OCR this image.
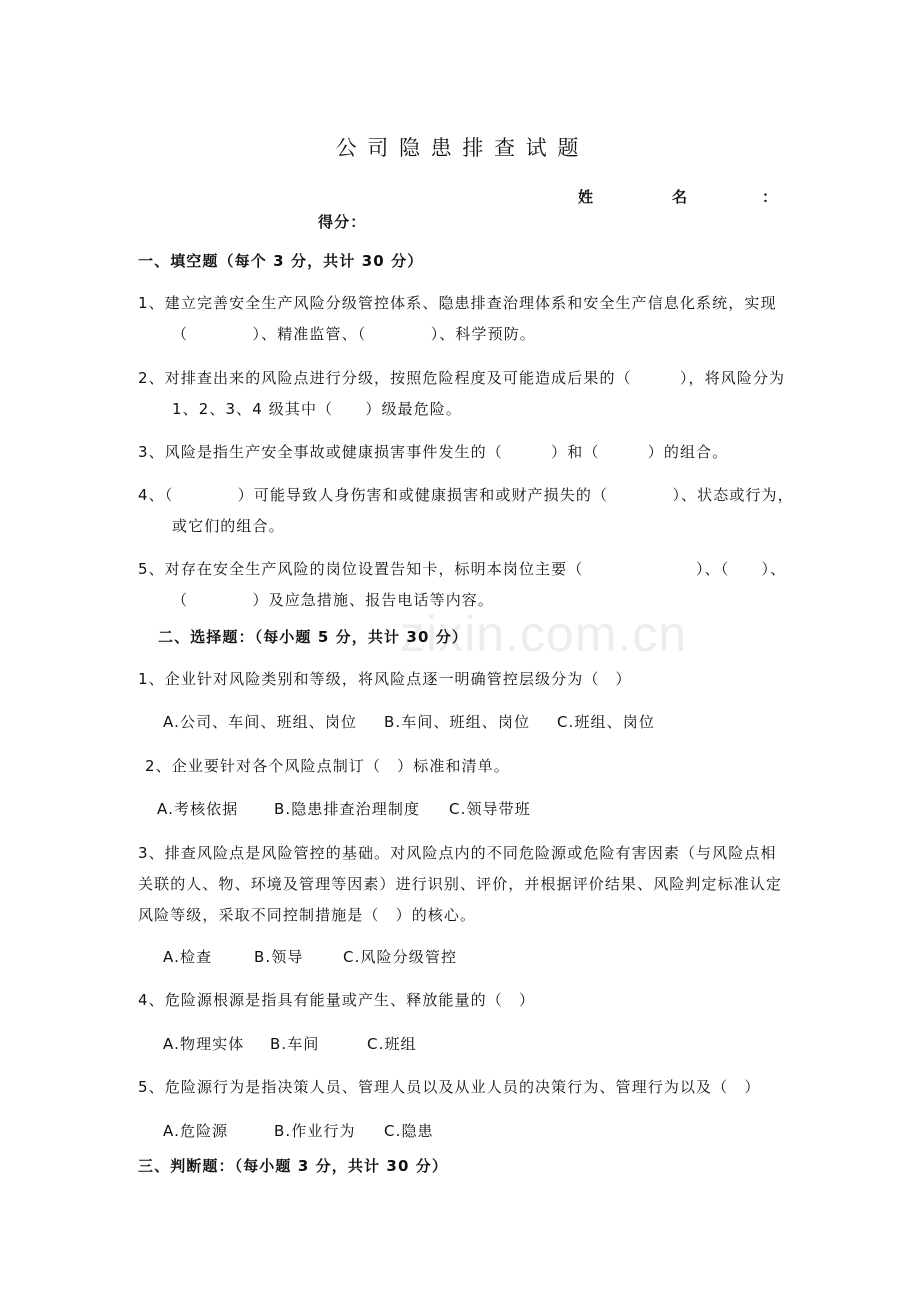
zixin.com.cn
公 司 隐 患 排 查 试 题
姓	名	：
得分：
一、填空题（每个 3 分，共计 30 分）
1、建立完善安全生产风险分级管控体系、隐患排查治理体系和安全生产信息化系统，实现
（　　　　）、精准监管、（　　　　）、科学预防。
2、对排查出来的风险点进行分级，按照危险程度及可能造成后果的（　　　），将风险分为
1、2、3、4 级其中（　　）级最危险。
3、风险是指生产安全事故或健康损害事件发生的（　　　）和（　　　）的组合。
4、（　　　　）可能导致人身伤害和或健康损害和或财产损失的（　　　　）、状态或行为，
或它们的组合。
5、对存在安全生产风险的岗位设置告知卡，标明本岗位主要（　　　　　　　）、（　　）、
（　　　　）及应急措施、报告电话等内容。
二、选择题：（每小题 5 分，共计 30 分）
1、企业针对风险类别和等级，将风险点逐一明确管控层级分为（　）
A.公司、车间、班组、岗位 B.车间、班组、岗位 C.班组、岗位
2、企业要针对各个风险点制订（　）标准和清单。
A.考核依据 B.隐患排查治理制度 C.领导带班
3、排查风险点是风险管控的基础。对风险点内的不同危险源或危险有害因素（与风险点相
关联的人、物、环境及管理等因素）进行识别、评价，并根据评价结果、风险判定标准认定
风险等级，采取不同控制措施是（　）的核心。
A.检查	B.领导	C.风险分级管控
4、危险源根源是指具有能量或产生、释放能量的（　）
A.物理实体 B.车间	C.班组
5、危险源行为是指决策人员、管理人员以及从业人员的决策行为、管理行为以及（　）
A.危险源	B.作业行为 C.隐患
三、判断题：（每小题 3 分，共计 30 分）
